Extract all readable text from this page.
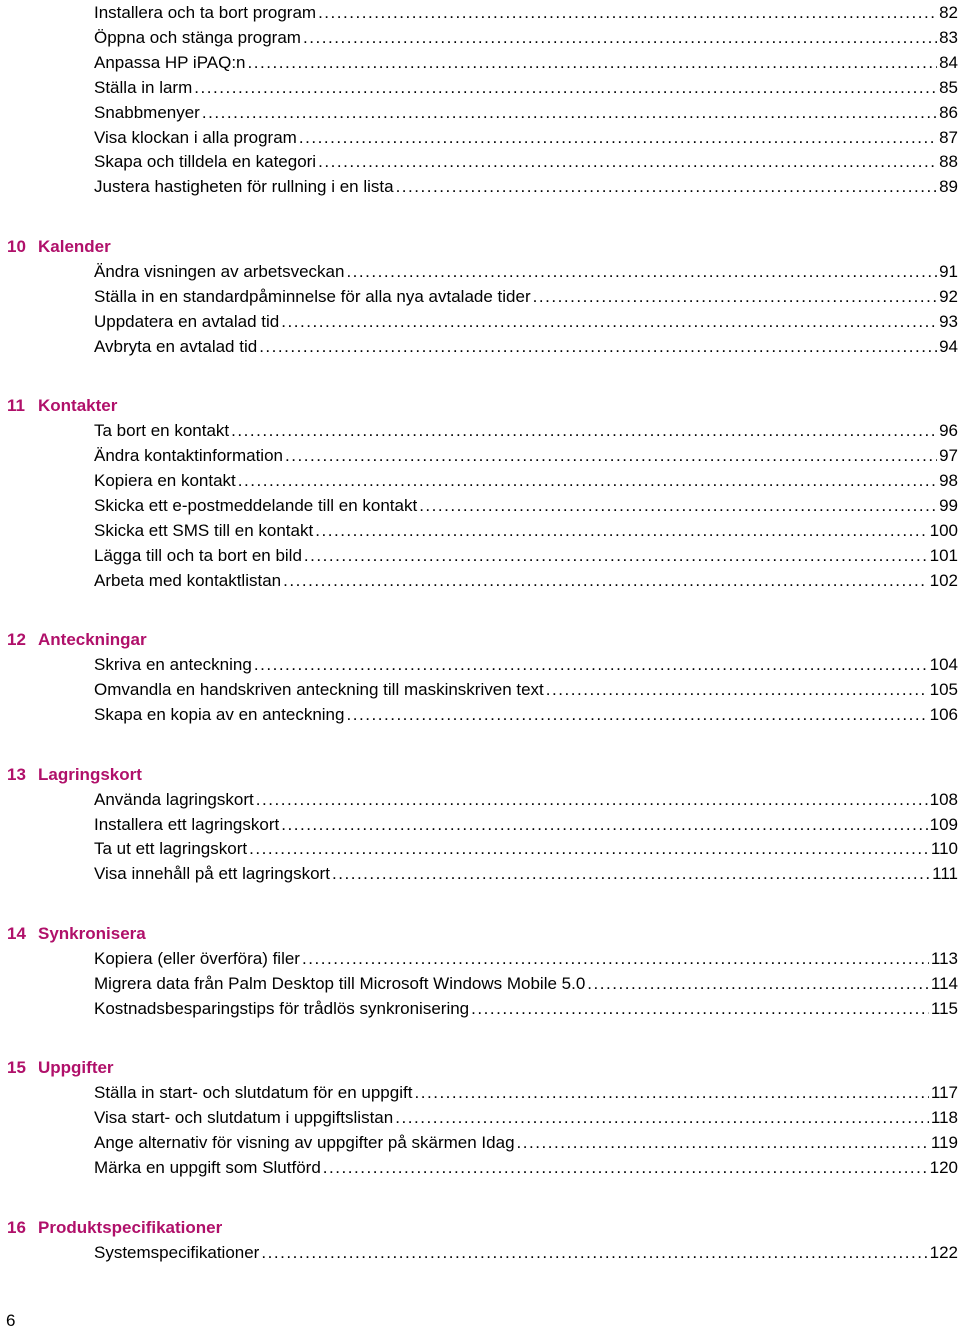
Installera och ta bort program . . .	82
Öppna och stänga program . . .	83
Anpassa HP iPAQ:n . . .	84
Ställa in larm . . .	85
Snabbmenyer . . .	86
Visa klockan i alla program . . .	87
Skapa och tilldela en kategori . . .	88
Justera hastigheten för rullning i en lista . . .	89
10 Kalender
Ändra visningen av arbetsveckan . . .	91
Ställa in en standardpåminnelse för alla nya avtalade tider . . .	92
Uppdatera en avtalad tid . . .	93
Avbryta en avtalad tid . . .	94
11 Kontakter
Ta bort en kontakt . . .	96
Ändra kontaktinformation . . .	97
Kopiera en kontakt . . .	98
Skicka ett e-postmeddelande till en kontakt . . .	99
Skicka ett SMS till en kontakt . . .	100
Lägga till och ta bort en bild . . .	101
Arbeta med kontaktlistan . . .	102
12 Anteckningar
Skriva en anteckning . . .	104
Omvandla en handskriven anteckning till maskinskriven text . . .	105
Skapa en kopia av en anteckning . . .	106
13 Lagringskort
Använda lagringskort . . .	108
Installera ett lagringskort . . .	109
Ta ut ett lagringskort . . .	110
Visa innehåll på ett lagringskort . . .	111
14 Synkronisera
Kopiera (eller överföra) filer . . .	113
Migrera data från Palm Desktop till Microsoft Windows Mobile 5.0 . . .	114
Kostnadsbesparingstips för trådlös synkronisering . . .	115
15 Uppgifter
Ställa in start- och slutdatum för en uppgift . . .	117
Visa start- och slutdatum i uppgiftslistan . . .	118
Ange alternativ för visning av uppgifter på skärmen Idag . . .	119
Märka en uppgift som Slutförd . . .	120
16 Produktspecifikationer
Systemspecifikationer . . .	122
6
